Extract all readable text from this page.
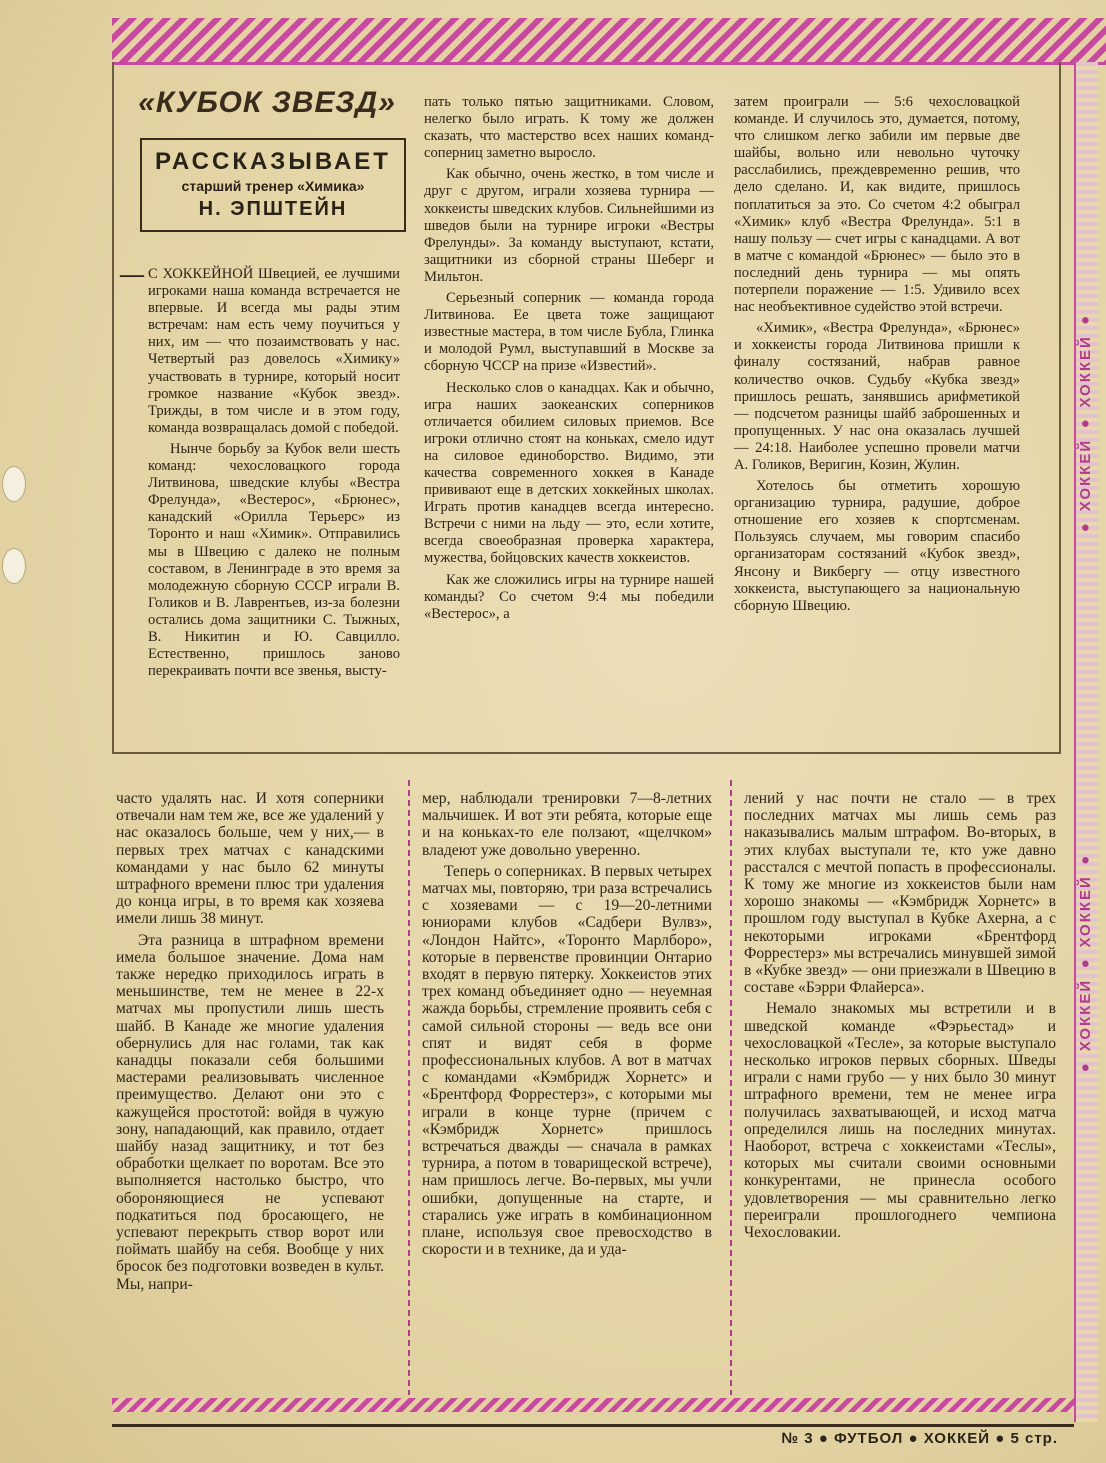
● ХОККЕЙ ● ХОККЕЙ ●
● ХОККЕЙ ● ХОККЕЙ ●
«КУБОК ЗВЕЗД»
РАССКАЗЫВАЕТ
старший тренер «Химика»
Н. ЭПШТЕЙН
— С ХОККЕЙНОЙ Швецией, ее лучшими игроками наша команда встречается не впервые. И всегда мы рады этим встречам: нам есть чему поучиться у них, им — что позаимствовать у нас. Четвертый раз довелось «Химику» участвовать в турнире, который носит громкое название «Кубок звезд». Трижды, в том числе и в этом году, команда возвращалась домой с победой.

Нынче борьбу за Кубок вели шесть команд: чехословацкого города Литвинова, шведские клубы «Вестра Фрелунда», «Вестерос», «Брюнес», канадский «Орилла Терьерс» из Торонто и наш «Химик». Отправились мы в Швецию с далеко не полным составом, в Ленинграде в это время за молодежную сборную СССР играли В. Голиков и В. Лаврентьев, из-за болезни остались дома защитники С. Тыжных, В. Никитин и Ю. Савцилло. Естественно, пришлось заново перекраивать почти все звенья, высту-

пать только пятью защитниками. Словом, нелегко было играть. К тому же должен сказать, что мастерство всех наших команд-соперниц заметно выросло.

Как обычно, очень жестко, в том числе и друг с другом, играли хозяева турнира — хоккеисты шведских клубов. Сильнейшими из шведов были на турнире игроки «Вестры Фрелунды». За команду выступают, кстати, защитники из сборной страны Шеберг и Мильтон.

Серьезный соперник — команда города Литвинова. Ее цвета тоже защищают известные мастера, в том числе Бубла, Глинка и молодой Румл, выступавший в Москве за сборную ЧССР на призе «Известий».

Несколько слов о канадцах. Как и обычно, игра наших заокеанских соперников отличается обилием силовых приемов. Все игроки отлично стоят на коньках, смело идут на силовое единоборство. Видимо, эти качества современного хоккея в Канаде прививают еще в детских хоккейных школах. Играть против канадцев всегда интересно. Встречи с ними на льду — это, если хотите, всегда своеобразная проверка характера, мужества, бойцовских качеств хоккеистов.

Как же сложились игры на турнире нашей команды? Со счетом 9:4 мы победили «Вестерос», а

затем проиграли — 5:6 чехословацкой команде. И случилось это, думается, потому, что слишком легко забили им первые две шайбы, вольно или невольно чуточку расслабились, преждевременно решив, что дело сделано. И, как видите, пришлось поплатиться за это. Со счетом 4:2 обыграл «Химик» клуб «Вестра Фрелунда». 5:1 в нашу пользу — счет игры с канадцами. А вот в матче с командой «Брюнес» — было это в последний день турнира — мы опять потерпели поражение — 1:5. Удивило всех нас необъективное судейство этой встречи.

«Химик», «Вестра Фрелунда», «Брюнес» и хоккеисты города Литвинова пришли к финалу состязаний, набрав равное количество очков. Судьбу «Кубка звезд» пришлось решать, занявшись арифметикой — подсчетом разницы шайб заброшенных и пропущенных. У нас она оказалась лучшей — 24:18. Наиболее успешно провели матчи А. Голиков, Веригин, Козин, Жулин.

Хотелось бы отметить хорошую организацию турнира, радушие, доброе отношение его хозяев к спортсменам. Пользуясь случаем, мы говорим спасибо организаторам состязаний «Кубок звезд», Янсону и Викбергу — отцу известного хоккеиста, выступающего за национальную сборную Швецию.

часто удалять нас. И хотя соперники отвечали нам тем же, все же удалений у нас оказалось больше, чем у них,— в первых трех матчах с канадскими командами у нас было 62 минуты штрафного времени плюс три удаления до конца игры, в то время как хозяева имели лишь 38 минут.

Эта разница в штрафном времени имела большое значение. Дома нам также нередко приходилось играть в меньшинстве, тем не менее в 22-х матчах мы пропустили лишь шесть шайб. В Канаде же многие удаления обернулись для нас голами, так как канадцы показали себя большими мастерами реализовывать численное преимущество. Делают они это с кажущейся простотой: войдя в чужую зону, нападающий, как правило, отдает шайбу назад защитнику, и тот без обработки щелкает по воротам. Все это выполняется настолько быстро, что обороняющиеся не успевают подкатиться под бросающего, не успевают перекрыть створ ворот или поймать шайбу на себя. Вообще у них бросок без подготовки возведен в культ. Мы, напри-

мер, наблюдали тренировки 7—8-летних мальчишек. И вот эти ребята, которые еще и на коньках-то еле ползают, «щелчком» владеют уже довольно уверенно.

Теперь о соперниках. В первых четырех матчах мы, повторяю, три раза встречались с хозяевами — с 19—20-летними юниорами клубов «Садбери Вулвз», «Лондон Найтс», «Торонто Марлборо», которые в первенстве провинции Онтарио входят в первую пятерку. Хоккеистов этих трех команд объединяет одно — неуемная жажда борьбы, стремление проявить себя с самой сильной стороны — ведь все они спят и видят себя в форме профессиональных клубов. А вот в матчах с командами «Кэмбридж Хорнетс» и «Брентфорд Форрестерз», с которыми мы играли в конце турне (причем с «Кэмбридж Хорнетс» пришлось встречаться дважды — сначала в рамках турнира, а потом в товарищеской встрече), нам пришлось легче. Во-первых, мы учли ошибки, допущенные на старте, и старались уже играть в комбинационном плане, используя свое превосходство в скорости и в технике, да и уда-

лений у нас почти не стало — в трех последних матчах мы лишь семь раз наказывались малым штрафом. Во-вторых, в этих клубах выступали те, кто уже давно расстался с мечтой попасть в профессионалы. К тому же многие из хоккеистов были нам хорошо знакомы — «Кэмбридж Хорнетс» в прошлом году выступал в Кубке Ахерна, а с некоторыми игроками «Брентфорд Форрестерз» мы встречались минувшей зимой в «Кубке звезд» — они приезжали в Швецию в составе «Бэрри Флайерса».

Немало знакомых мы встретили и в шведской команде «Фэрьестад» и чехословацкой «Тесле», за которые выступало несколько игроков первых сборных. Шведы играли с нами грубо — у них было 30 минут штрафного времени, тем не менее игра получилась захватывающей, и исход матча определился лишь на последних минутах. Наоборот, встреча с хоккеистами «Теслы», которых мы считали своими основными конкурентами, не принесла особого удовлетворения — мы сравнительно легко переиграли прошлогоднего чемпиона Чехословакии.

№ 3 ● ФУТБОЛ ● ХОККЕЙ ● 5 стр.
